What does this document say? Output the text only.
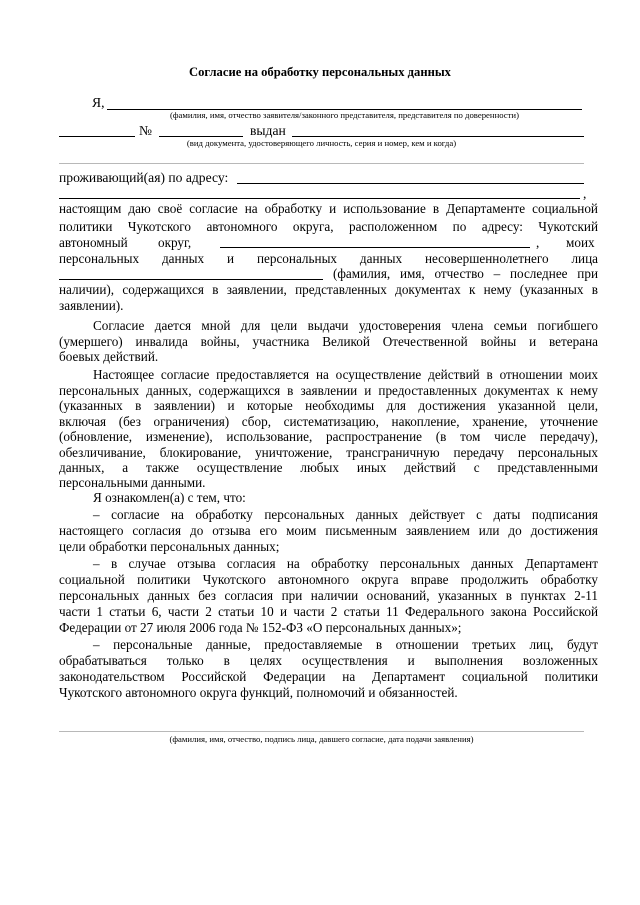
Согласие на обработку персональных данных
Я,
(фамилия, имя, отчество заявителя/законного представителя, представителя по доверенности)
№	выдан
(вид документа, удостоверяющего личность, серия и номер, кем и когда)
проживающий(ая) по адресу:
,
настоящим даю своё согласие на обработку и использование в Департаменте социальной
политики Чукотского автономного округа, расположенном по адресу: Чукотский
автономный округ,	, моих
персональных данных и персональных данных несовершеннолетнего лица
(фамилия, имя, отчество – последнее при
наличии), содержащихся в заявлении, представленных документах к нему (указанных в
заявлении).
Согласие дается мной для цели выдачи удостоверения члена семьи погибшего
(умершего) инвалида войны, участника Великой Отечественной войны и ветерана
боевых действий.
Настоящее согласие предоставляется на осуществление действий в отношении моих
персональных данных, содержащихся в заявлении и предоставленных документах к нему
(указанных в заявлении) и которые необходимы для достижения указанной цели,
включая (без ограничения) сбор, систематизацию, накопление, хранение, уточнение
(обновление, изменение), использование, распространение (в том числе передачу),
обезличивание, блокирование, уничтожение, трансграничную передачу персональных
данных, а также осуществление любых иных действий с представленными
персональными данными.
Я ознакомлен(а) с тем, что:
– согласие на обработку персональных данных действует с даты подписания
настоящего согласия до отзыва его моим письменным заявлением или до достижения
цели обработки персональных данных;
– в случае отзыва согласия на обработку персональных данных Департамент
социальной политики Чукотского автономного округа вправе продолжить обработку
персональных данных без согласия при наличии оснований, указанных в пунктах 2-11
части 1 статьи 6, части 2 статьи 10 и части 2 статьи 11 Федерального закона Российской
Федерации от 27 июля 2006 года № 152-ФЗ «О персональных данных»;
– персональные данные, предоставляемые в отношении третьих лиц, будут
обрабатываться только в целях осуществления и выполнения возложенных
законодательством Российской Федерации на Департамент социальной политики
Чукотского автономного округа функций, полномочий и обязанностей.
(фамилия, имя, отчество, подпись лица, давшего согласие, дата подачи заявления)
